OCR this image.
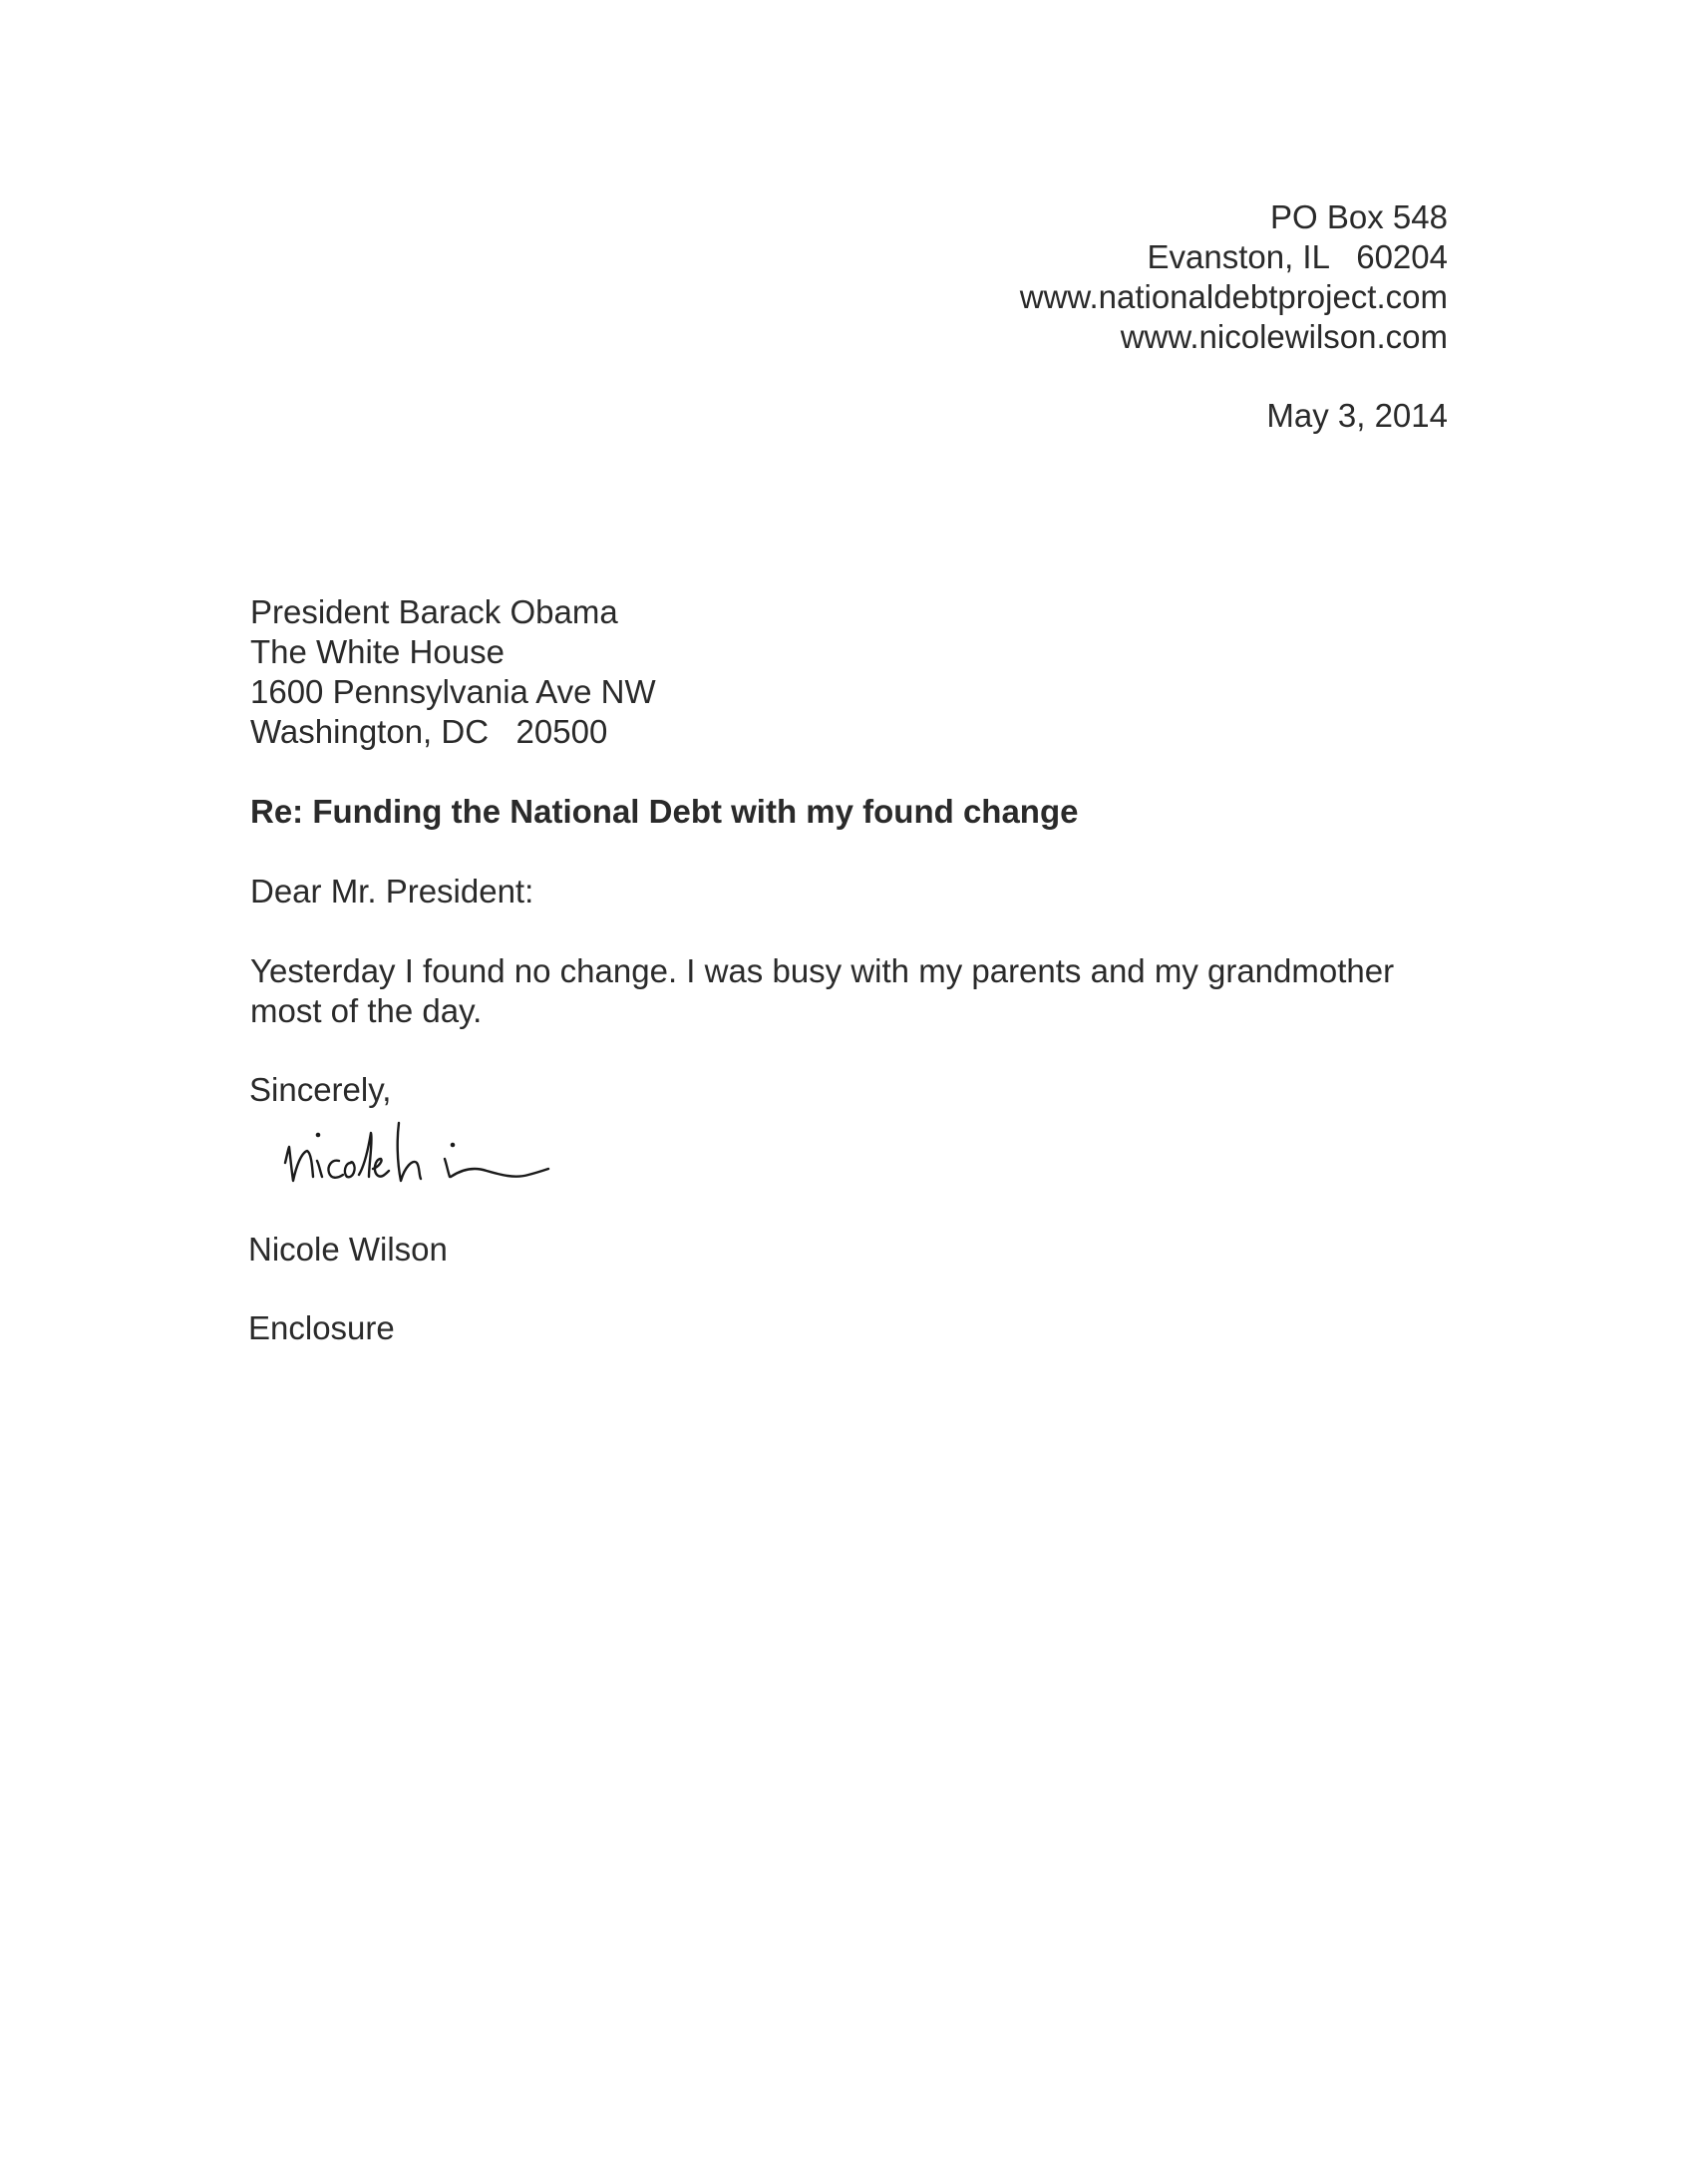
PO Box 548
Evanston, IL   60204
www.nationaldebtproject.com
www.nicolewilson.com
May 3, 2014
President Barack Obama
The White House
1600 Pennsylvania Ave NW
Washington, DC   20500
Re: Funding the National Debt with my found change
Dear Mr. President:
Yesterday I found no change. I was busy with my parents and my grandmother most of the day.
Sincerely,
Nicole Wilson
Enclosure
